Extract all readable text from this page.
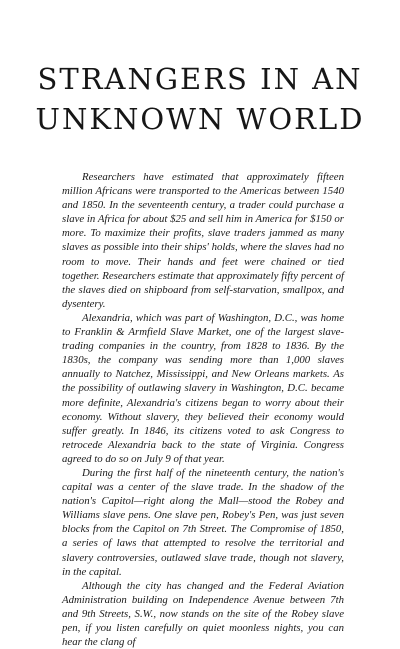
STRANGERS IN AN
UNKNOWN WORLD

Researchers have estimated that approximately fifteen million Africans were transported to the Americas between 1540 and 1850. In the seventeenth century, a trader could purchase a slave in Africa for about $25 and sell him in America for $150 or more. To maximize their profits, slave traders jammed as many slaves as possible into their ships' holds, where the slaves had no room to move. Their hands and feet were chained or tied together. Researchers estimate that approximately fifty percent of the slaves died on shipboard from self-starvation, smallpox, and dysentery.

Alexandria, which was part of Washington, D.C., was home to Franklin & Armfield Slave Market, one of the largest slave-trading companies in the country, from 1828 to 1836. By the 1830s, the company was sending more than 1,000 slaves annually to Natchez, Mississippi, and New Orleans markets. As the possibility of outlawing slavery in Washington, D.C. became more definite, Alexandria's citizens began to worry about their economy. Without slavery, they believed their economy would suffer greatly. In 1846, its citizens voted to ask Congress to retrocede Alexandria back to the state of Virginia. Congress agreed to do so on July 9 of that year.

During the first half of the nineteenth century, the nation's capital was a center of the slave trade. In the shadow of the nation's Capitol—right along the Mall—stood the Robey and Williams slave pens. One slave pen, Robey's Pen, was just seven blocks from the Capitol on 7th Street. The Compromise of 1850, a series of laws that attempted to resolve the territorial and slavery controversies, outlawed slave trade, though not slavery, in the capital.

Although the city has changed and the Federal Aviation Administration building on Independence Avenue between 7th and 9th Streets, S.W., now stands on the site of the Robey slave pen, if you listen carefully on quiet moonless nights, you can hear the clang of
